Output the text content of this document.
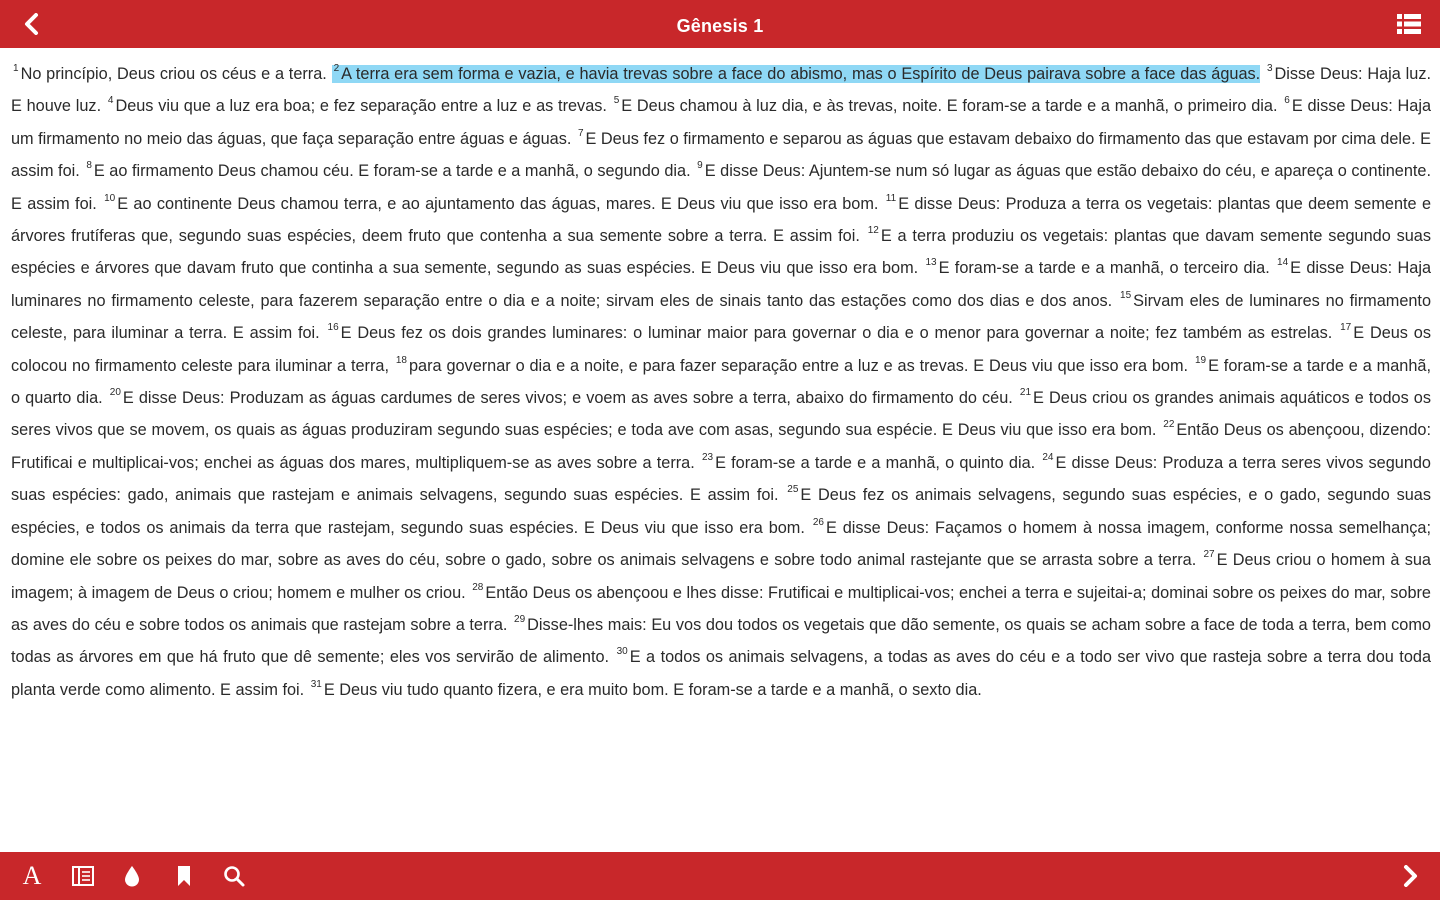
Gênesis 1
$^1$ No princípio, Deus criou os céus e a terra. $^2$ A terra era sem forma e vazia, e havia trevas sobre a face do abismo, mas o Espírito de Deus pairava sobre a face das águas. $^3$ Disse Deus: Haja luz. E houve luz. $^4$ Deus viu que a luz era boa; e fez separação entre a luz e as trevas. $^5$ E Deus chamou à luz dia, e às trevas, noite. E foram-se a tarde e a manhã, o primeiro dia. $^6$ E disse Deus: Haja um firmamento no meio das águas, que faça separação entre águas e águas. $^7$ E Deus fez o firmamento e separou as águas que estavam debaixo do firmamento das que estavam por cima dele. E assim foi. $^8$ E ao firmamento Deus chamou céu. E foram-se a tarde e a manhã, o segundo dia. $^9$ E disse Deus: Ajuntem-se num só lugar as águas que estão debaixo do céu, e apareça o continente. E assim foi. $^{10}$ E ao continente Deus chamou terra, e ao ajuntamento das águas, mares. E Deus viu que isso era bom. $^{11}$ E disse Deus: Produza a terra os vegetais: plantas que deem semente e árvores frutíferas que, segundo suas espécies, deem fruto que contenha a sua semente sobre a terra. E assim foi. $^{12}$ E a terra produziu os vegetais: plantas que davam semente segundo suas espécies e árvores que davam fruto que continha a sua semente, segundo as suas espécies. E Deus viu que isso era bom. $^{13}$ E foram-se a tarde e a manhã, o terceiro dia. $^{14}$ E disse Deus: Haja luminares no firmamento celeste, para fazerem separação entre o dia e a noite; sirvam eles de sinais tanto das estações como dos dias e dos anos. $^{15}$ Sirvam eles de luminares no firmamento celeste, para iluminar a terra. E assim foi. $^{16}$ E Deus fez os dois grandes luminares: o luminar maior para governar o dia e o menor para governar a noite; fez também as estrelas. $^{17}$ E Deus os colocou no firmamento celeste para iluminar a terra, $^{18}$ para governar o dia e a noite, e para fazer separação entre a luz e as trevas. E Deus viu que isso era bom. $^{19}$ E foram-se a tarde e a manhã, o quarto dia. $^{20}$ E disse Deus: Produzam as águas cardumes de seres vivos; e voem as aves sobre a terra, abaixo do firmamento do céu. $^{21}$ E Deus criou os grandes animais aquáticos e todos os seres vivos que se movem, os quais as águas produziram segundo suas espécies; e toda ave com asas, segundo sua espécie. E Deus viu que isso era bom. $^{22}$ Então Deus os abençoou, dizendo: Frutificai e multiplicai-vos; enchei as águas dos mares, multipliquem-se as aves sobre a terra. $^{23}$ E foram-se a tarde e a manhã, o quinto dia. $^{24}$ E disse Deus: Produza a terra seres vivos segundo suas espécies: gado, animais que rastejam e animais selvagens, segundo suas espécies. E assim foi. $^{25}$ E Deus fez os animais selvagens, segundo suas espécies, e o gado, segundo suas espécies, e todos os animais da terra que rastejam, segundo suas espécies. E Deus viu que isso era bom. $^{26}$ E disse Deus: Façamos o homem à nossa imagem, conforme nossa semelhança; domine ele sobre os peixes do mar, sobre as aves do céu, sobre o gado, sobre os animais selvagens e sobre todo animal rastejante que se arrasta sobre a terra. $^{27}$ E Deus criou o homem à sua imagem; à imagem de Deus o criou; homem e mulher os criou. $^{28}$ Então Deus os abençoou e lhes disse: Frutificai e multiplicai-vos; enchei a terra e sujeitai-a; dominai sobre os peixes do mar, sobre as aves do céu e sobre todos os animais que rastejam sobre a terra. $^{29}$ Disse-lhes mais: Eu vos dou todos os vegetais que dão semente, os quais se acham sobre a face de toda a terra, bem como todas as árvores em que há fruto que dê semente; eles vos servirão de alimento. $^{30}$ E a todos os animais selvagens, a todas as aves do céu e a todo ser vivo que rasteja sobre a terra dou toda planta verde como alimento. E assim foi. $^{31}$ E Deus viu tudo quanto fizera, e era muito bom. E foram-se a tarde e a manhã, o sexto dia.
A
